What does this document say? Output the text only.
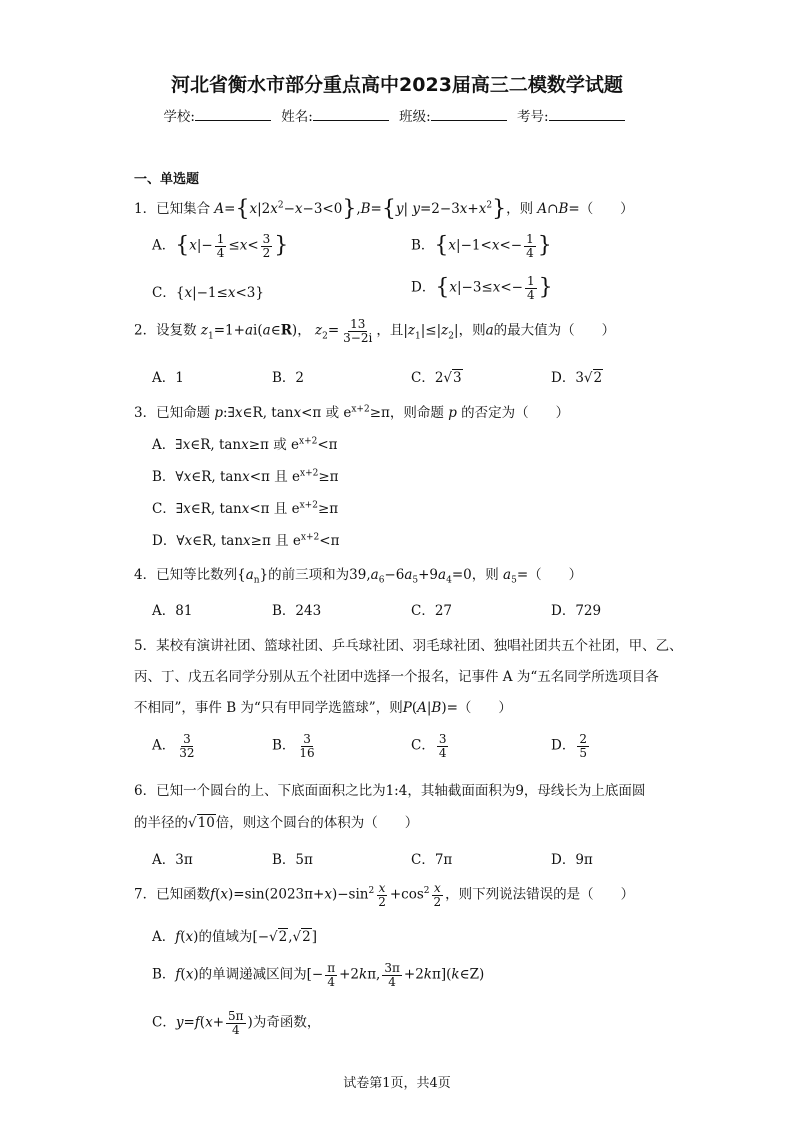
河北省衡水市部分重点高中2023届高三二模数学试题
学校:	姓名:	班级:	考号:
一、单选题
1．已知集合 $A=\{x|2x^2-x-3<0\},B=\{y|$ $y=2-3x+x^2$}，则 A∩B=（　　）
A．{$x|- \frac{1}{4} \le x< \frac{3}{2}$ }	B．{$x|-1<x<- \frac{1}{4}$ }
C．{x|−1≤x<3}	D．{$x|-3\le x<- \frac{1}{4}$ }
2．设复数 $z_1=1+ai(a\in R)$， $z_2= \frac{13}{3-2i}$ ，且$|z_1|\le|z_2|$，则a的最大值为（　　）
A．1	B．2	C．2√3	D．3√2
3．已知命题 p:∃x∈R, tanx<π 或 $e^{x+2}\ge\pi$，则命题 p 的否定为（　　）
A．∃x∈R, tanx≥π 或 $e^{x+2}<\pi$
B．∀x∈R, tanx<π 且 $e^{x+2}\ge\pi$
C．∃x∈R, tanx<π 且 $e^{x+2}\ge\pi$
D．∀x∈R, tanx≥π 且 $e^{x+2}<\pi$
4．已知等比数列$\{a_n\}$的前三项和为$39,a_6-6a_5+9a_4=0$，则 $a_5=$（　　）
A．81	B．243	C．27	D．729
5．某校有演讲社团、篮球社团、乒乓球社团、羽毛球社团、独唱社团共五个社团，甲、乙、
丙、丁、戊五名同学分别从五个社团中选择一个报名，记事件 A 为“五名同学所选项目各
不相同”，事件 B 为“只有甲同学选篮球”，则P(A|B)=（　　）
A． $\frac{3}{32}$	B． $\frac{3}{16}$	C． $\frac{3}{4}$	D． $\frac{2}{5}$
6．已知一个圆台的上、下底面面积之比为1:4，其轴截面面积为9，母线长为上底面圆
的半径的√10倍，则这个圆台的体积为（　　）
A．3π	B．5π	C．7π	D．9π
7．已知函数$f(x)=\sin(2023\pi+x)-\sin^2 \frac{x}{2} +\cos^2 \frac{x}{2}$ ，则下列说法错误的是（　　）
A．f(x)的值域为[−√2,√2]
B．f(x)的单调递减区间为[− $\frac{\pi}{4} +2k\pi$, $\frac{3\pi}{4}$ +2kπ](k∈Z)
C．$y=f(x+ \frac{5\pi}{4}$ )为奇函数，
试卷第1页，共4页
